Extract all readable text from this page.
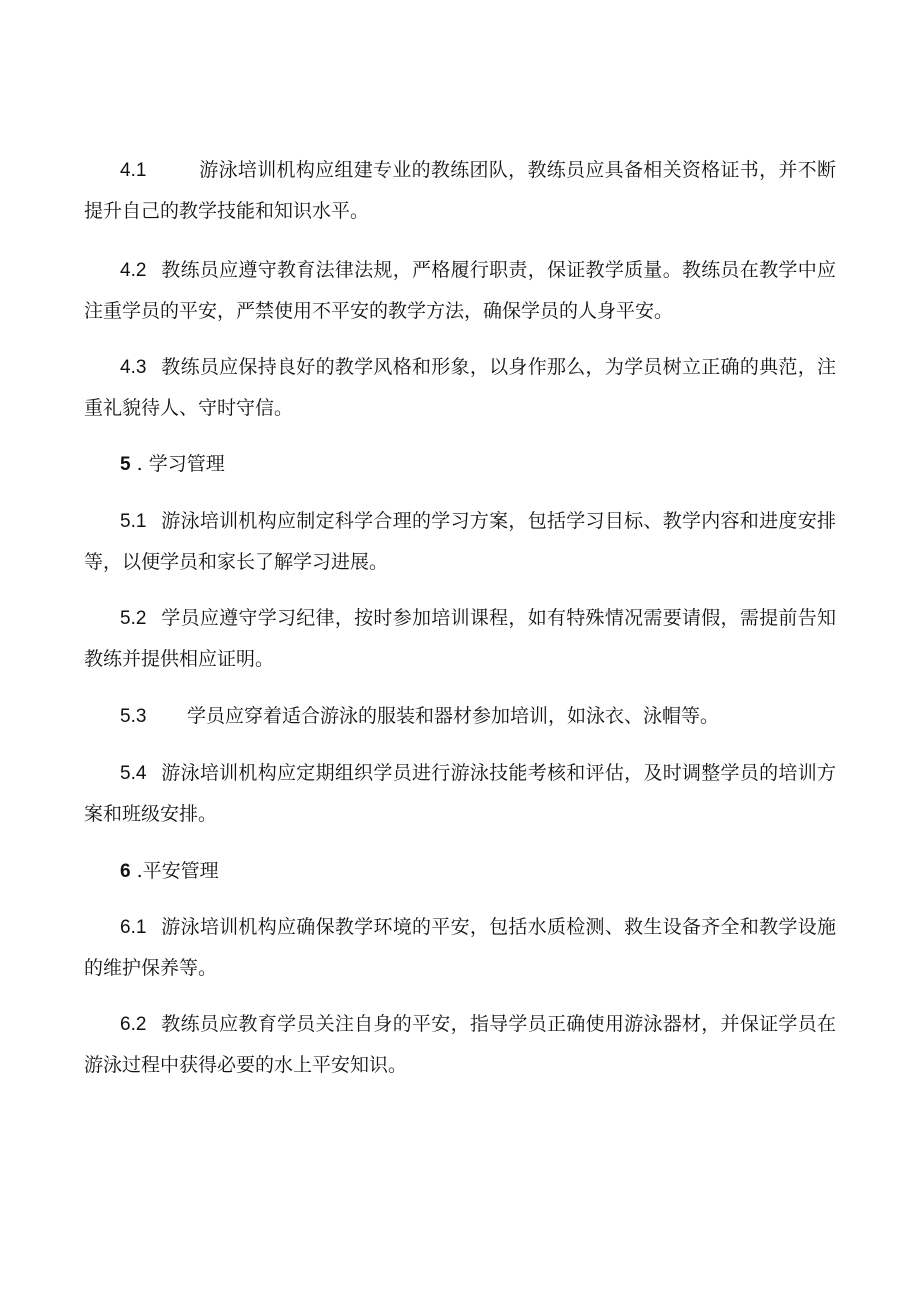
4.1	游泳培训机构应组建专业的教练团队，教练员应具备相关资格证书，并不断提升自己的教学技能和知识水平。

4.2 教练员应遵守教育法律法规，严格履行职责，保证教学质量。教练员在教学中应注重学员的平安，严禁使用不平安的教学方法，确保学员的人身平安。

4.3 教练员应保持良好的教学风格和形象，以身作那么，为学员树立正确的典范，注重礼貌待人、守时守信。

5 . 学习管理

5.1 游泳培训机构应制定科学合理的学习方案，包括学习目标、教学内容和进度安排等，以便学员和家长了解学习进展。

5.2 学员应遵守学习纪律，按时参加培训课程，如有特殊情况需要请假，需提前告知教练并提供相应证明。

5.3 学员应穿着适合游泳的服装和器材参加培训，如泳衣、泳帽等。

5.4 游泳培训机构应定期组织学员进行游泳技能考核和评估，及时调整学员的培训方案和班级安排。

6 .平安管理

6.1 游泳培训机构应确保教学环境的平安，包括水质检测、救生设备齐全和教学设施的维护保养等。

6.2 教练员应教育学员关注自身的平安，指导学员正确使用游泳器材，并保证学员在游泳过程中获得必要的水上平安知识。
